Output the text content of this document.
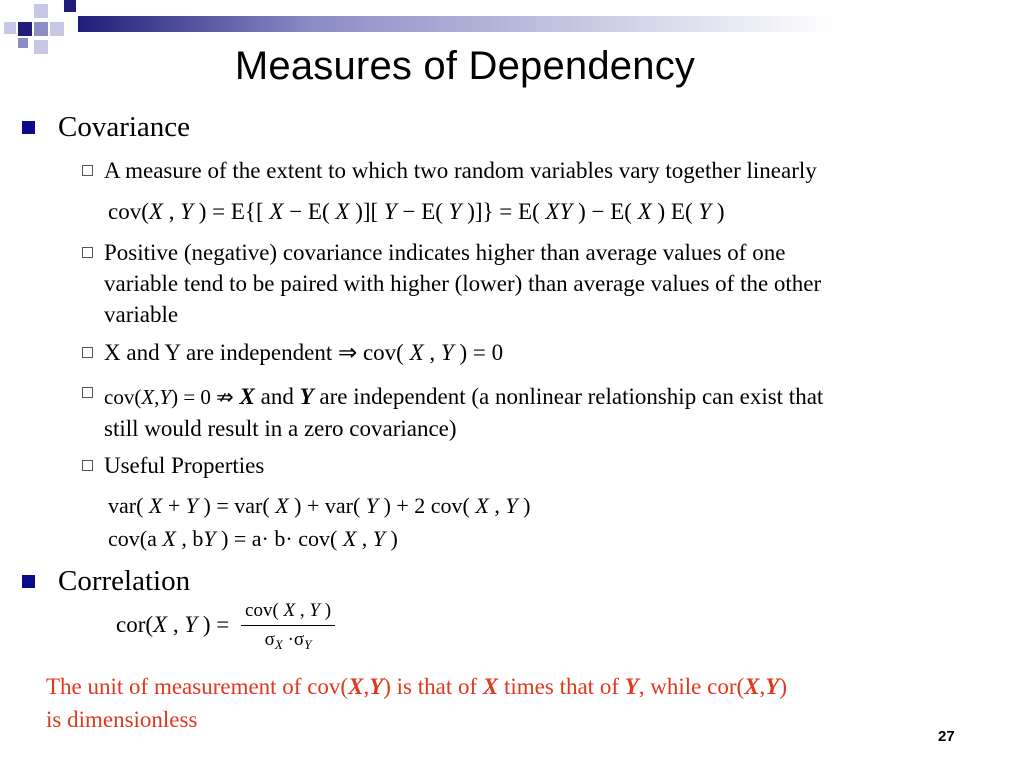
Measures of Dependency
Covariance
A measure of the extent to which two random variables vary together linearly
cov(X , Y ) = E{[ X − E( X )][ Y − E( Y )]} = E( XY ) − E( X ) E( Y )
Positive (negative) covariance indicates higher than average values of one
variable tend to be paired with higher (lower) than average values of the other
variable
X and Y are independent ⇒ cov( X , Y ) = 0
cov(X,Y) = 0 ⇏ X and Y are independent (a nonlinear relationship can exist that
still would result in a zero covariance)
Useful Properties
var( X + Y ) = var( X ) + var( Y ) + 2 cov( X , Y )
cov(a X , bY ) = a· b· cov( X , Y )
Correlation
cor(X , Y ) = $\frac{\text{cov( X , Y )}}{\sigma_X \cdot\sigma_Y}$
The unit of measurement of cov(X,Y) is that of X times that of Y, while cor(X,Y)
is dimensionless
27
